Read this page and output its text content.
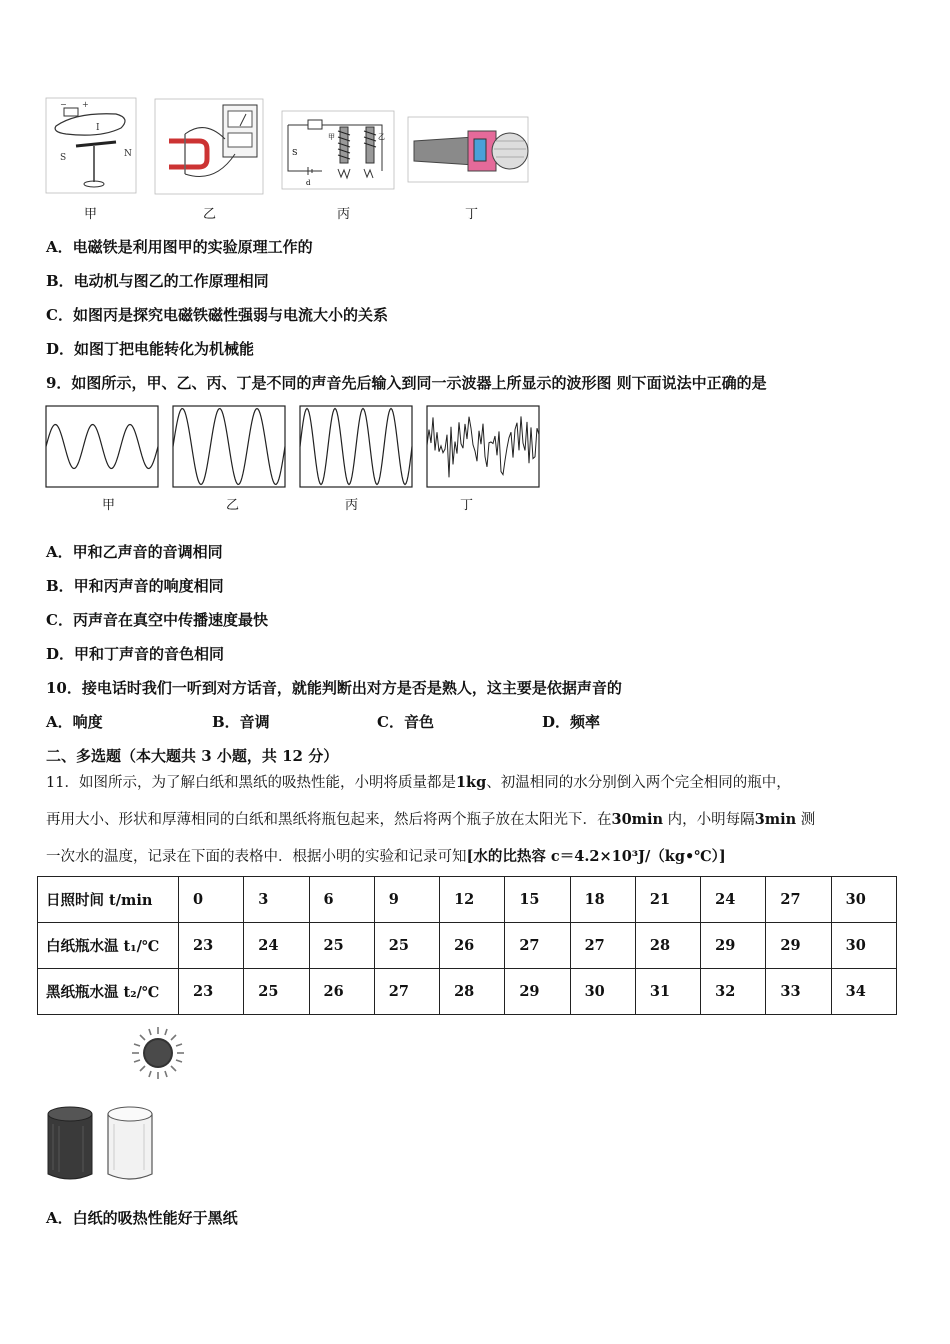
− +
I
S	N	S
d
甲	乙
甲	乙	丙	丁
A．电磁铁是利用图甲的实验原理工作的
B．电动机与图乙的工作原理相同
C．如图丙是探究电磁铁磁性强弱与电流大小的关系
D．如图丁把电能转化为机械能
9．如图所示，甲、乙、丙、丁是不同的声音先后输入到同一示波器上所显示的波形图 则下面说法中正确的是
甲	乙	丙	丁
A．甲和乙声音的音调相同
B．甲和丙声音的响度相同
C．丙声音在真空中传播速度最快
D．甲和丁声音的音色相同
10．接电话时我们一听到对方话音，就能判断出对方是否是熟人，这主要是依据声音的
A．响度	B．音调	C．音色	D．频率
二、多选题（本大题共 3 小题，共 12 分）
11．如图所示，为了解白纸和黑纸的吸热性能，小明将质量都是1kg、初温相同的水分别倒入两个完全相同的瓶中，
再用大小、形状和厚薄相同的白纸和黑纸将瓶包起来，然后将两个瓶子放在太阳光下．在30min 内，小明每隔3min 测
一次水的温度，记录在下面的表格中．根据小明的实验和记录可知[水的比热容 c＝4.2×10³J/（kg•℃）]
日照时间 t/min	0	3	6	9	12	15	18	21	24	27	30
白纸瓶水温 t₁/℃	23	24	25	25	26	27	27	28	29	29	30
黑纸瓶水温 t₂/℃	23	25	26	27	28	29	30	31	32	33	34
A．白纸的吸热性能好于黑纸
